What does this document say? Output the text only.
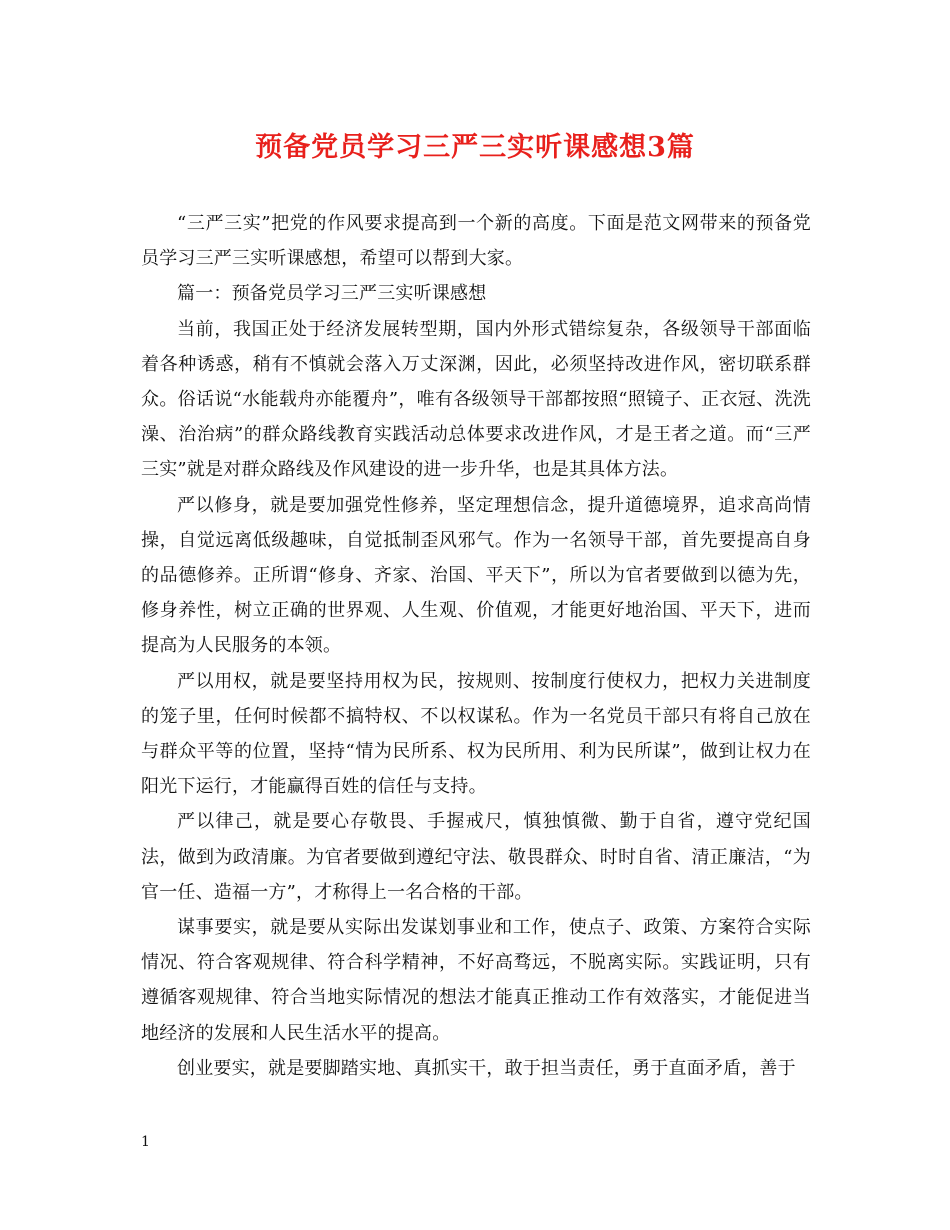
预备党员学习三严三实听课感想3篇

“三严三实”把党的作风要求提高到一个新的高度。下面是范文网带来的预备党员学习三严三实听课感想，希望可以帮到大家。

篇一：预备党员学习三严三实听课感想

当前，我国正处于经济发展转型期，国内外形式错综复杂，各级领导干部面临着各种诱惑，稍有不慎就会落入万丈深渊，因此，必须坚持改进作风，密切联系群众。俗话说“水能载舟亦能覆舟”，唯有各级领导干部都按照“照镜子、正衣冠、洗洗澡、治治病”的群众路线教育实践活动总体要求改进作风，才是王者之道。而“三严三实”就是对群众路线及作风建设的进一步升华，也是其具体方法。

严以修身，就是要加强党性修养，坚定理想信念，提升道德境界，追求高尚情操，自觉远离低级趣味，自觉抵制歪风邪气。作为一名领导干部，首先要提高自身的品德修养。正所谓“修身、齐家、治国、平天下”，所以为官者要做到以德为先，修身养性，树立正确的世界观、人生观、价值观，才能更好地治国、平天下，进而提高为人民服务的本领。

严以用权，就是要坚持用权为民，按规则、按制度行使权力，把权力关进制度的笼子里，任何时候都不搞特权、不以权谋私。作为一名党员干部只有将自己放在与群众平等的位置，坚持“情为民所系、权为民所用、利为民所谋”，做到让权力在阳光下运行，才能赢得百姓的信任与支持。

严以律己，就是要心存敬畏、手握戒尺，慎独慎微、勤于自省，遵守党纪国法，做到为政清廉。为官者要做到遵纪守法、敬畏群众、时时自省、清正廉洁，“为官一任、造福一方”，才称得上一名合格的干部。

谋事要实，就是要从实际出发谋划事业和工作，使点子、政策、方案符合实际情况、符合客观规律、符合科学精神，不好高骛远，不脱离实际。实践证明，只有遵循客观规律、符合当地实际情况的想法才能真正推动工作有效落实，才能促进当地经济的发展和人民生活水平的提高。

创业要实，就是要脚踏实地、真抓实干，敢于担当责任，勇于直面矛盾，善于

1
